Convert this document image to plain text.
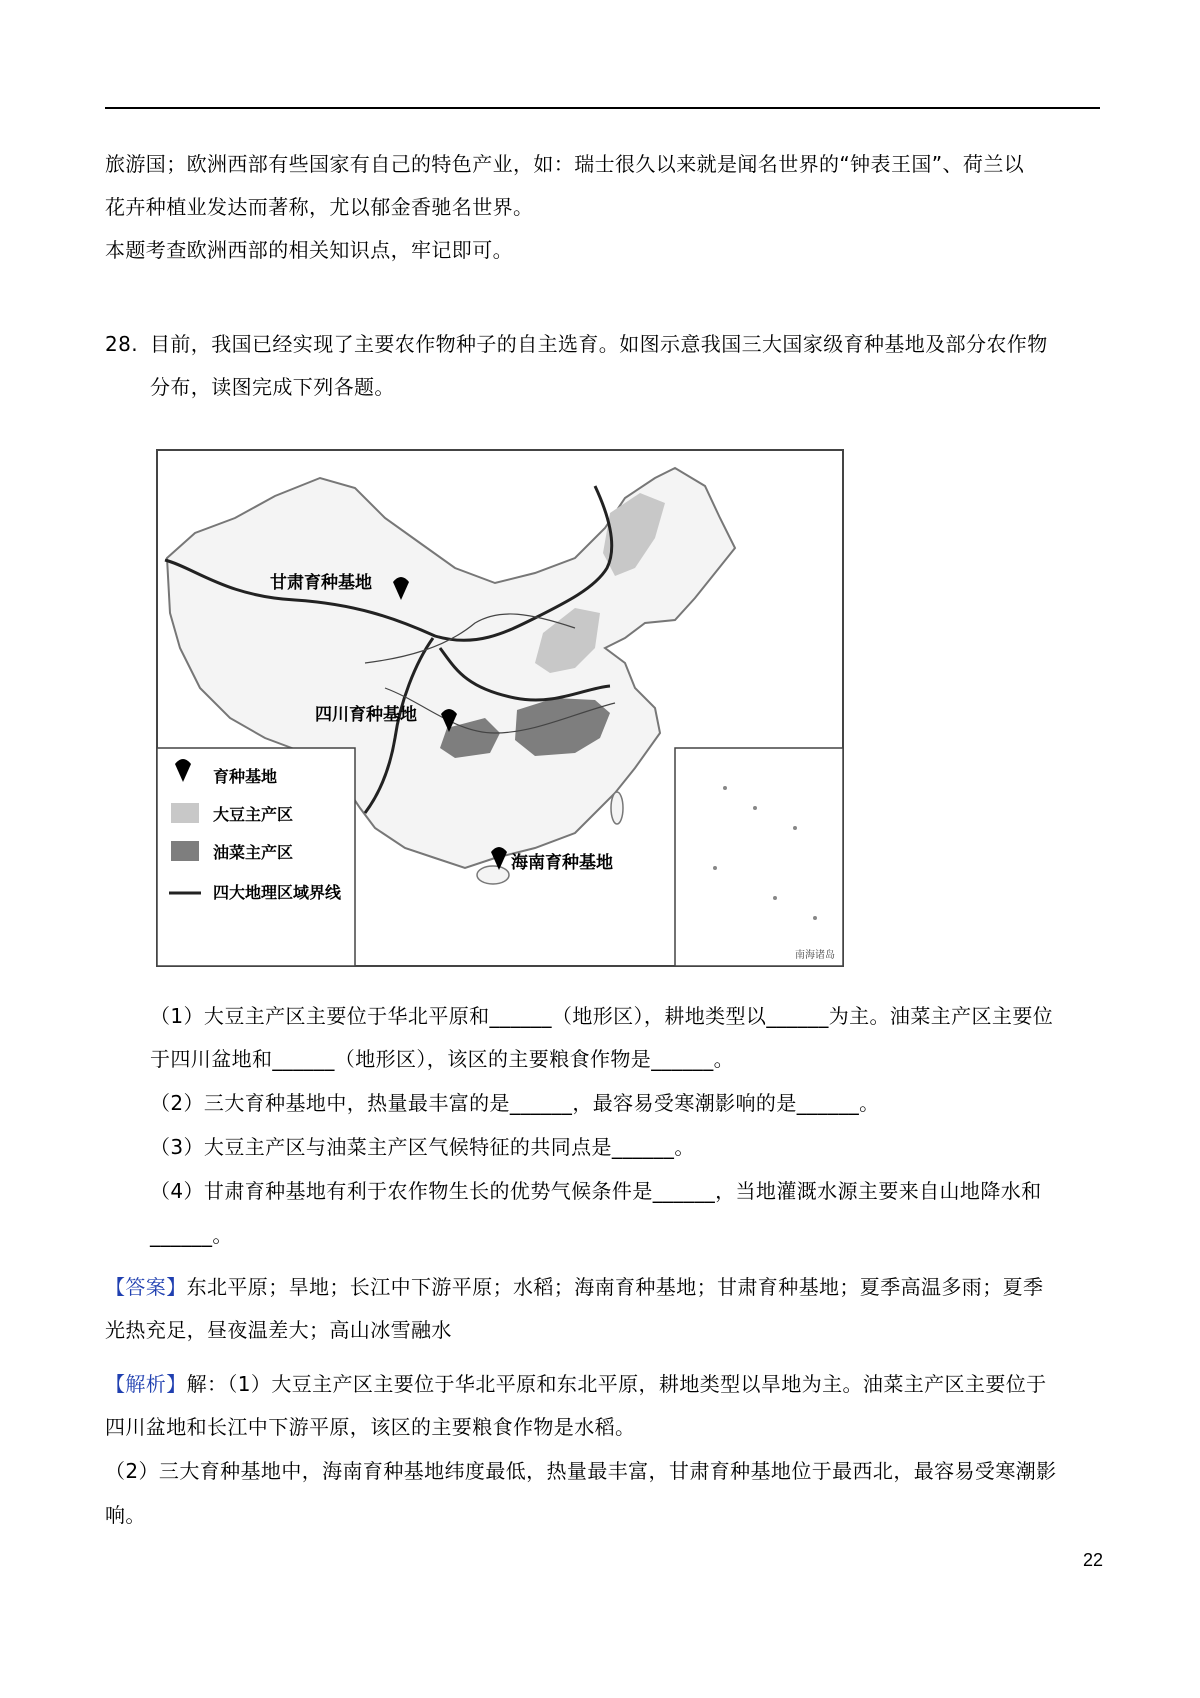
旅游国；欧洲西部有些国家有自己的特色产业，如：瑞士很久以来就是闻名世界的“钟表王国”、荷兰以
花卉种植业发达而著称，尤以郁金香驰名世界。
本题考查欧洲西部的相关知识点，牢记即可。
28. 目前，我国已经实现了主要农作物种子的自主选育。如图示意我国三大国家级育种基地及部分农作物
分布，读图完成下列各题。
甘肃育种基地
四川育种基地
海南育种基地
南海诸岛
育种基地
大豆主产区
油菜主产区
四大地理区域界线
（1）大豆主产区主要位于华北平原和______（地形区），耕地类型以______为主。油菜主产区主要位
于四川盆地和______（地形区），该区的主要粮食作物是______。
（2）三大育种基地中，热量最丰富的是______，最容易受寒潮影响的是______。
（3）大豆主产区与油菜主产区气候特征的共同点是______。
（4）甘肃育种基地有利于农作物生长的优势气候条件是______，当地灌溉水源主要来自山地降水和
______。
【答案】东北平原；旱地；长江中下游平原；水稻；海南育种基地；甘肃育种基地；夏季高温多雨；夏季
光热充足，昼夜温差大；高山冰雪融水
【解析】解：（1）大豆主产区主要位于华北平原和东北平原，耕地类型以旱地为主。油菜主产区主要位于
四川盆地和长江中下游平原，该区的主要粮食作物是水稻。
（2）三大育种基地中，海南育种基地纬度最低，热量最丰富，甘肃育种基地位于最西北，最容易受寒潮影
响。
22
